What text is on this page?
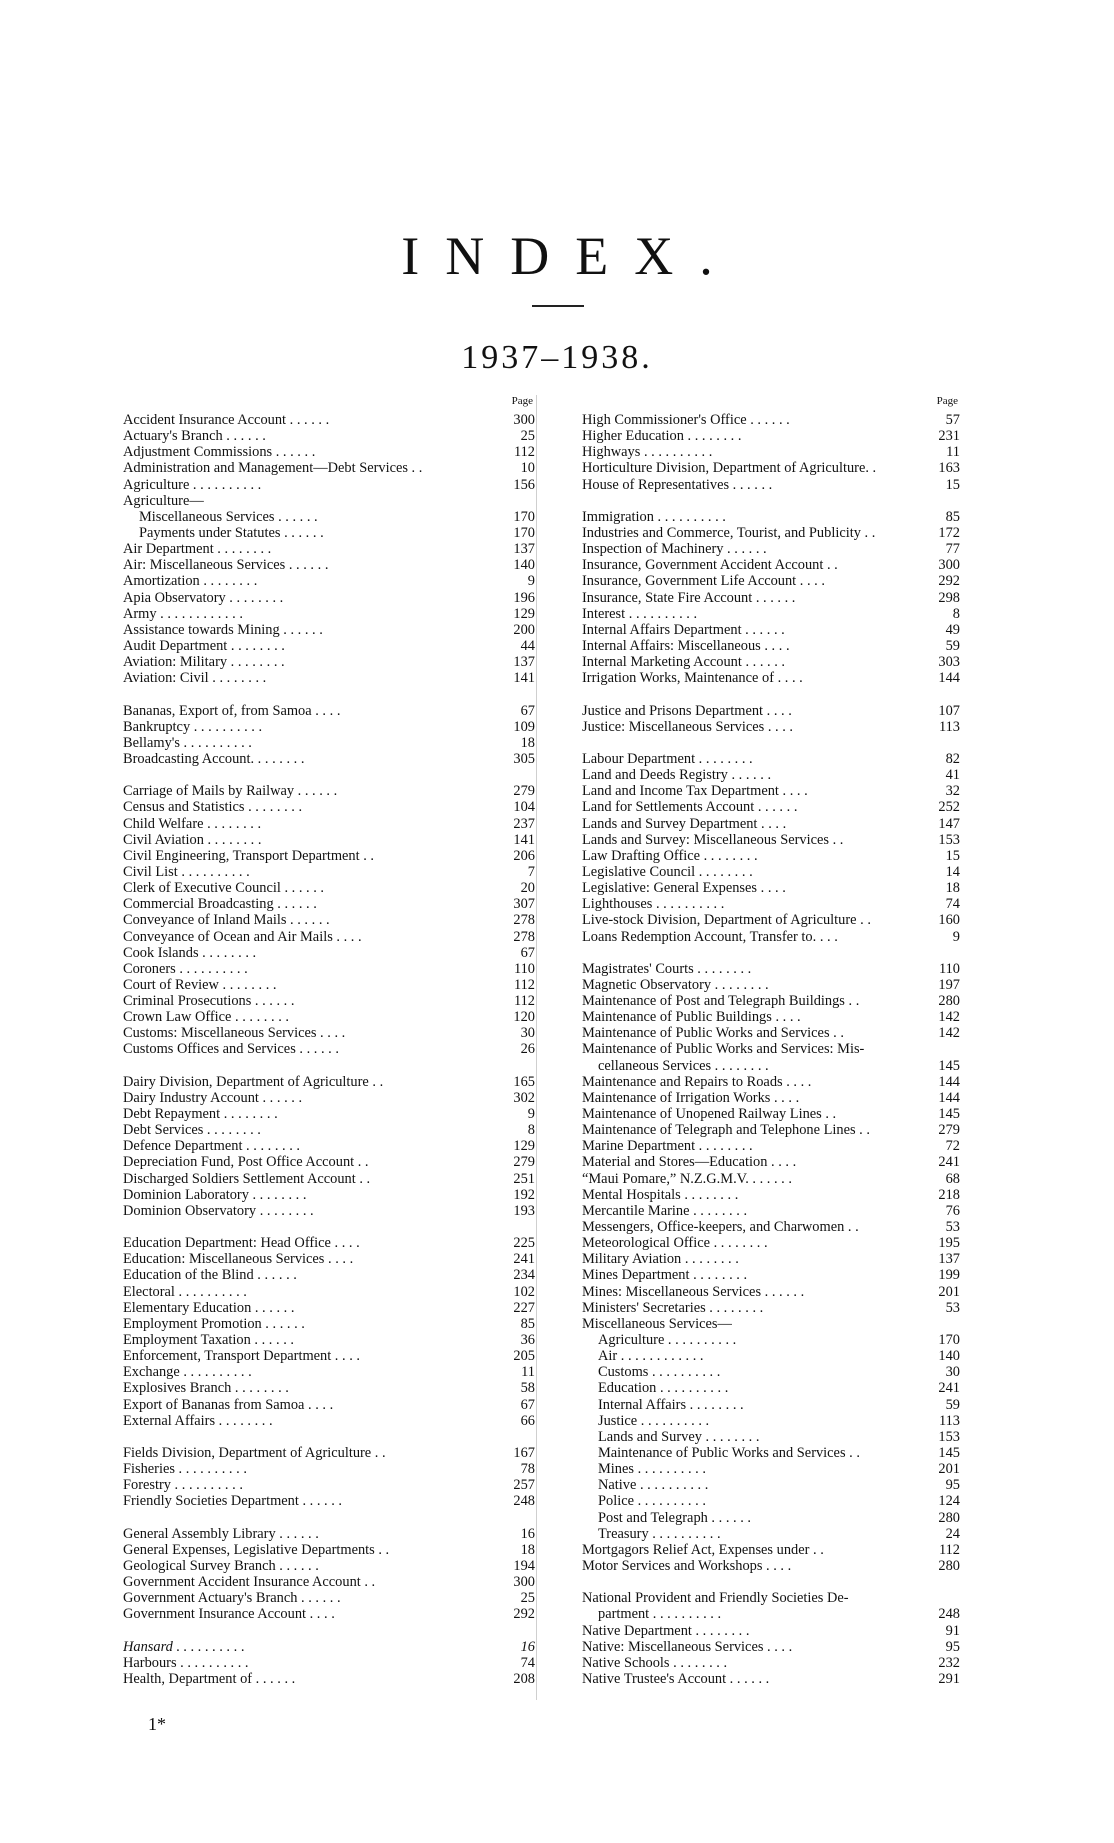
INDEX.
1937–1938.
Page
Accident Insurance Account . . . . . .	300
Actuary's Branch . . . . . .	25
Adjustment Commissions . . . . . .	112
Administration and Management—Debt Services . .	10
Agriculture . . . . . . . . . .	156
Agriculture—
Miscellaneous Services . . . . . .	170
Payments under Statutes . . . . . .	170
Air Department . . . . . . . .	137
Air: Miscellaneous Services . . . . . .	140
Amortization . . . . . . . .	9
Apia Observatory . . . . . . . .	196
Army . . . . . . . . . . . .	129
Assistance towards Mining . . . . . .	200
Audit Department . . . . . . . .	44
Aviation: Military . . . . . . . .	137
Aviation: Civil . . . . . . . .	141
Bananas, Export of, from Samoa . . . .	67
Bankruptcy . . . . . . . . . .	109
Bellamy's . . . . . . . . . .	18
Broadcasting Account. . . . . . . .	305
Carriage of Mails by Railway . . . . . .	279
Census and Statistics . . . . . . . .	104
Child Welfare . . . . . . . .	237
Civil Aviation . . . . . . . .	141
Civil Engineering, Transport Department . .	206
Civil List . . . . . . . . . .	7
Clerk of Executive Council . . . . . .	20
Commercial Broadcasting . . . . . .	307
Conveyance of Inland Mails . . . . . .	278
Conveyance of Ocean and Air Mails . . . .	278
Cook Islands . . . . . . . .	67
Coroners . . . . . . . . . .	110
Court of Review . . . . . . . .	112
Criminal Prosecutions . . . . . .	112
Crown Law Office . . . . . . . .	120
Customs: Miscellaneous Services . . . .	30
Customs Offices and Services . . . . . .	26
Dairy Division, Department of Agriculture . .	165
Dairy Industry Account . . . . . .	302
Debt Repayment . . . . . . . .	9
Debt Services . . . . . . . .	8
Defence Department . . . . . . . .	129
Depreciation Fund, Post Office Account . .	279
Discharged Soldiers Settlement Account . .	251
Dominion Laboratory . . . . . . . .	192
Dominion Observatory . . . . . . . .	193
Education Department: Head Office . . . .	225
Education: Miscellaneous Services . . . .	241
Education of the Blind . . . . . .	234
Electoral . . . . . . . . . .	102
Elementary Education . . . . . .	227
Employment Promotion . . . . . .	85
Employment Taxation . . . . . .	36
Enforcement, Transport Department . . . .	205
Exchange . . . . . . . . . .	11
Explosives Branch . . . . . . . .	58
Export of Bananas from Samoa . . . .	67
External Affairs . . . . . . . .	66
Fields Division, Department of Agriculture . .	167
Fisheries . . . . . . . . . .	78
Forestry . . . . . . . . . .	257
Friendly Societies Department . . . . . .	248
General Assembly Library . . . . . .	16
General Expenses, Legislative Departments . .	18
Geological Survey Branch . . . . . .	194
Government Accident Insurance Account . .	300
Government Actuary's Branch . . . . . .	25
Government Insurance Account . . . .	292
Hansard . . . . . . . . . .	16
Harbours . . . . . . . . . .	74
Health, Department of . . . . . .	208
Page
High Commissioner's Office . . . . . .	57
Higher Education . . . . . . . .	231
Highways . . . . . . . . . .	11
Horticulture Division, Department of Agriculture. .	163
House of Representatives . . . . . .	15
Immigration . . . . . . . . . .	85
Industries and Commerce, Tourist, and Publicity . .	172
Inspection of Machinery . . . . . .	77
Insurance, Government Accident Account . .	300
Insurance, Government Life Account . . . .	292
Insurance, State Fire Account . . . . . .	298
Interest . . . . . . . . . .	8
Internal Affairs Department . . . . . .	49
Internal Affairs: Miscellaneous . . . .	59
Internal Marketing Account . . . . . .	303
Irrigation Works, Maintenance of . . . .	144
Justice and Prisons Department . . . .	107
Justice: Miscellaneous Services . . . .	113
Labour Department . . . . . . . .	82
Land and Deeds Registry . . . . . .	41
Land and Income Tax Department . . . .	32
Land for Settlements Account . . . . . .	252
Lands and Survey Department . . . .	147
Lands and Survey: Miscellaneous Services . .	153
Law Drafting Office . . . . . . . .	15
Legislative Council . . . . . . . .	14
Legislative: General Expenses . . . .	18
Lighthouses . . . . . . . . . .	74
Live-stock Division, Department of Agriculture . .	160
Loans Redemption Account, Transfer to. . . .	9
Magistrates' Courts . . . . . . . .	110
Magnetic Observatory . . . . . . . .	197
Maintenance of Post and Telegraph Buildings . .	280
Maintenance of Public Buildings . . . .	142
Maintenance of Public Works and Services . .	142
Maintenance of Public Works and Services: Mis-
cellaneous Services . . . . . . . .	145
Maintenance and Repairs to Roads . . . .	144
Maintenance of Irrigation Works . . . .	144
Maintenance of Unopened Railway Lines . .	145
Maintenance of Telegraph and Telephone Lines . .	279
Marine Department . . . . . . . .	72
Material and Stores—Education . . . .	241
“Maui Pomare,” N.Z.G.M.V. . . . . . .	68
Mental Hospitals . . . . . . . .	218
Mercantile Marine . . . . . . . .	76
Messengers, Office-keepers, and Charwomen . .	53
Meteorological Office . . . . . . . .	195
Military Aviation . . . . . . . .	137
Mines Department . . . . . . . .	199
Mines: Miscellaneous Services . . . . . .	201
Ministers' Secretaries . . . . . . . .	53
Miscellaneous Services—
Agriculture . . . . . . . . . .	170
Air . . . . . . . . . . . .	140
Customs . . . . . . . . . .	30
Education . . . . . . . . . .	241
Internal Affairs . . . . . . . .	59
Justice . . . . . . . . . .	113
Lands and Survey . . . . . . . .	153
Maintenance of Public Works and Services . .	145
Mines . . . . . . . . . .	201
Native . . . . . . . . . .	95
Police . . . . . . . . . .	124
Post and Telegraph . . . . . .	280
Treasury . . . . . . . . . .	24
Mortgagors Relief Act, Expenses under . .	112
Motor Services and Workshops . . . .	280
National Provident and Friendly Societies De-
partment . . . . . . . . . .	248
Native Department . . . . . . . .	91
Native: Miscellaneous Services . . . .	95
Native Schools . . . . . . . .	232
Native Trustee's Account . . . . . .	291
1*
